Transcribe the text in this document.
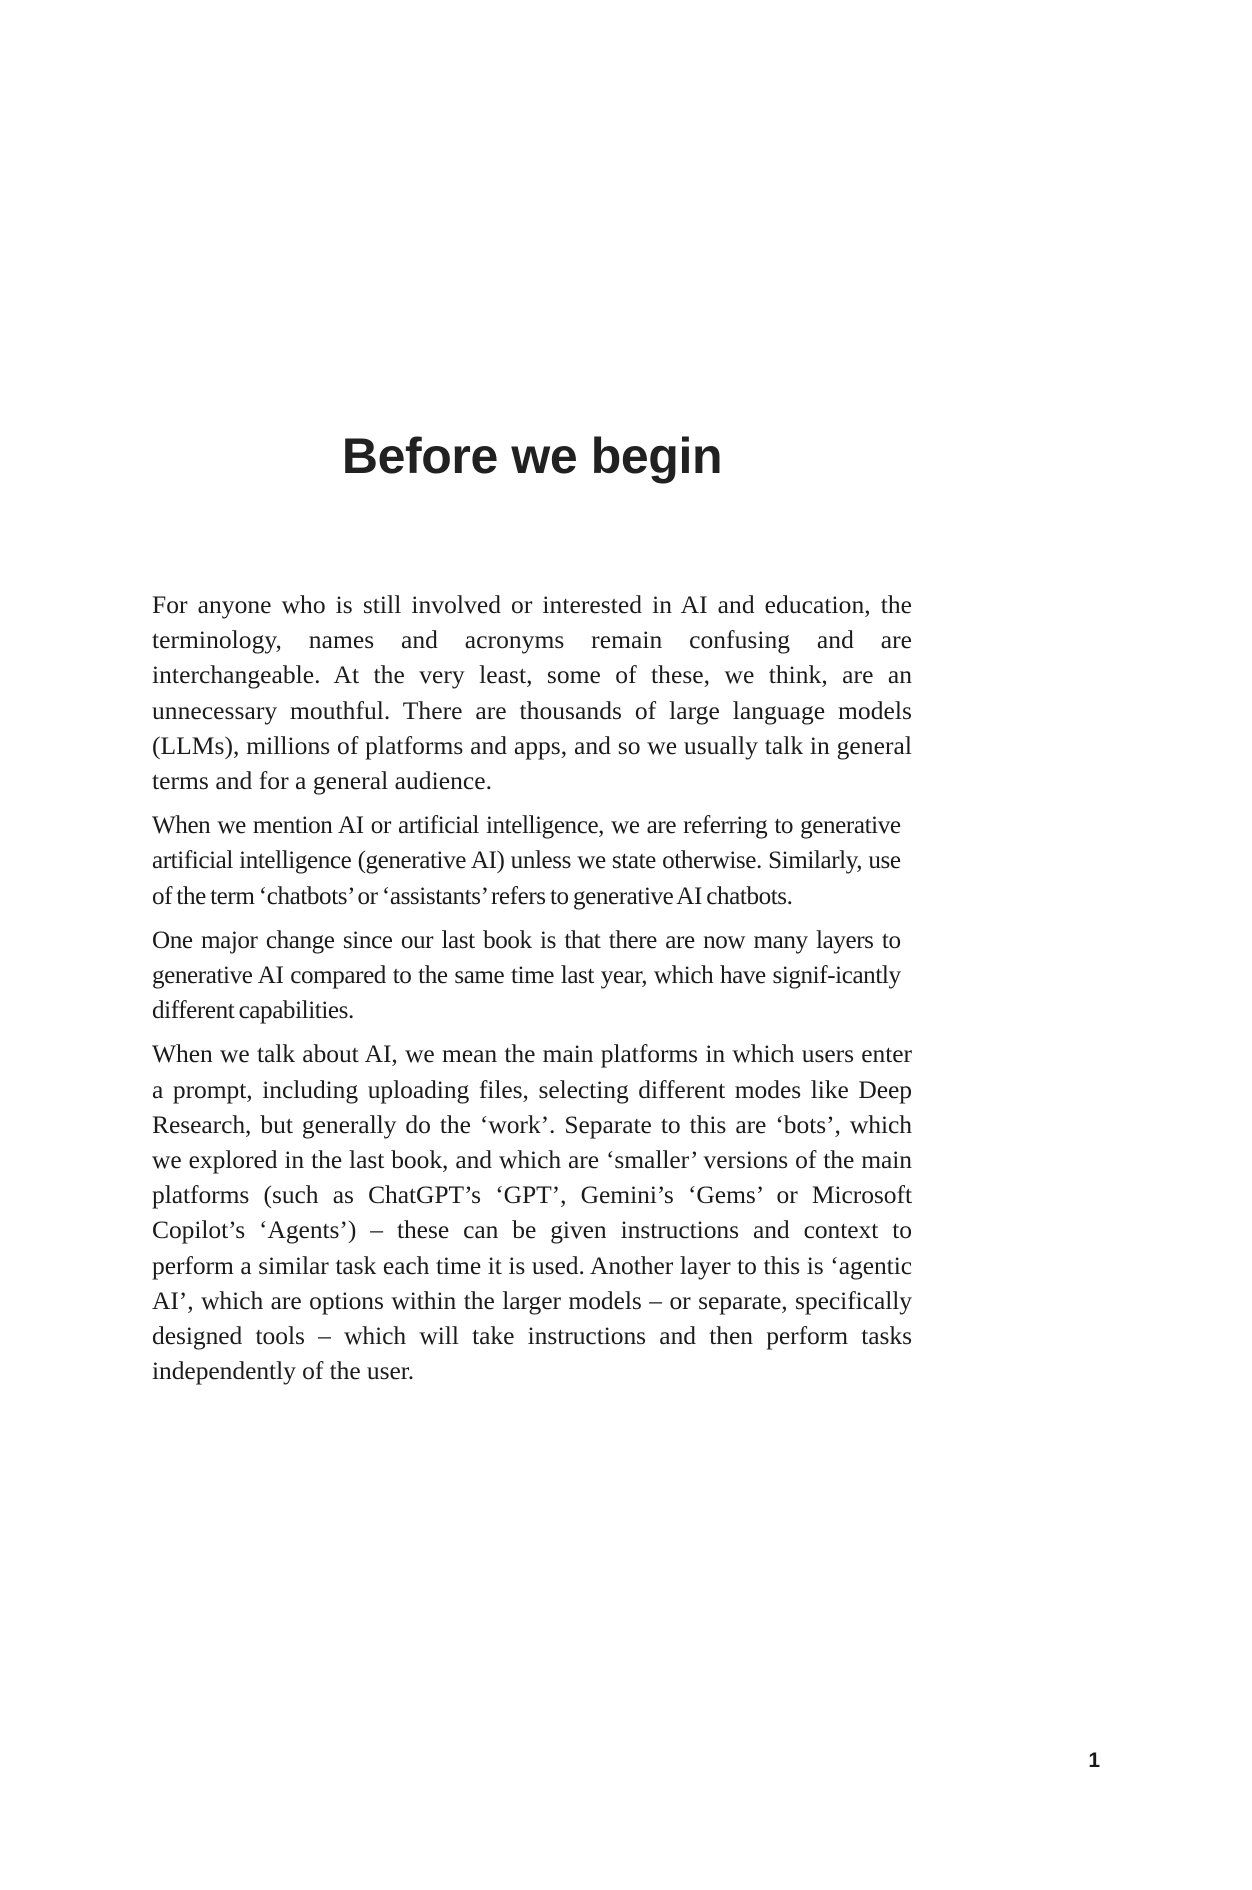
Before we begin

For anyone who is still involved or interested in AI and education, the terminology, names and acronyms remain confusing and are interchangeable. At the very least, some of these, we think, are an unnecessary mouthful. There are thousands of large language models (LLMs), millions of platforms and apps, and so we usually talk in general terms and for a general audience.

When we mention AI or artificial intelligence, we are referring to generative artificial intelligence (generative AI) unless we state otherwise. Similarly, use of the term ‘chatbots’ or ‘assistants’ refers to generative AI chatbots.

One major change since our last book is that there are now many layers to generative AI compared to the same time last year, which have signif-icantly different capabilities.

When we talk about AI, we mean the main platforms in which users enter a prompt, including uploading files, selecting different modes like Deep Research, but generally do the ‘work’. Separate to this are ‘bots’, which we explored in the last book, and which are ‘smaller’ versions of the main platforms (such as ChatGPT’s ‘GPT’, Gemini’s ‘Gems’ or Microsoft Copilot’s ‘Agents’) – these can be given instructions and context to perform a similar task each time it is used. Another layer to this is ‘agentic AI’, which are options within the larger models – or separate, specifically designed tools – which will take instructions and then perform tasks independently of the user.

1
